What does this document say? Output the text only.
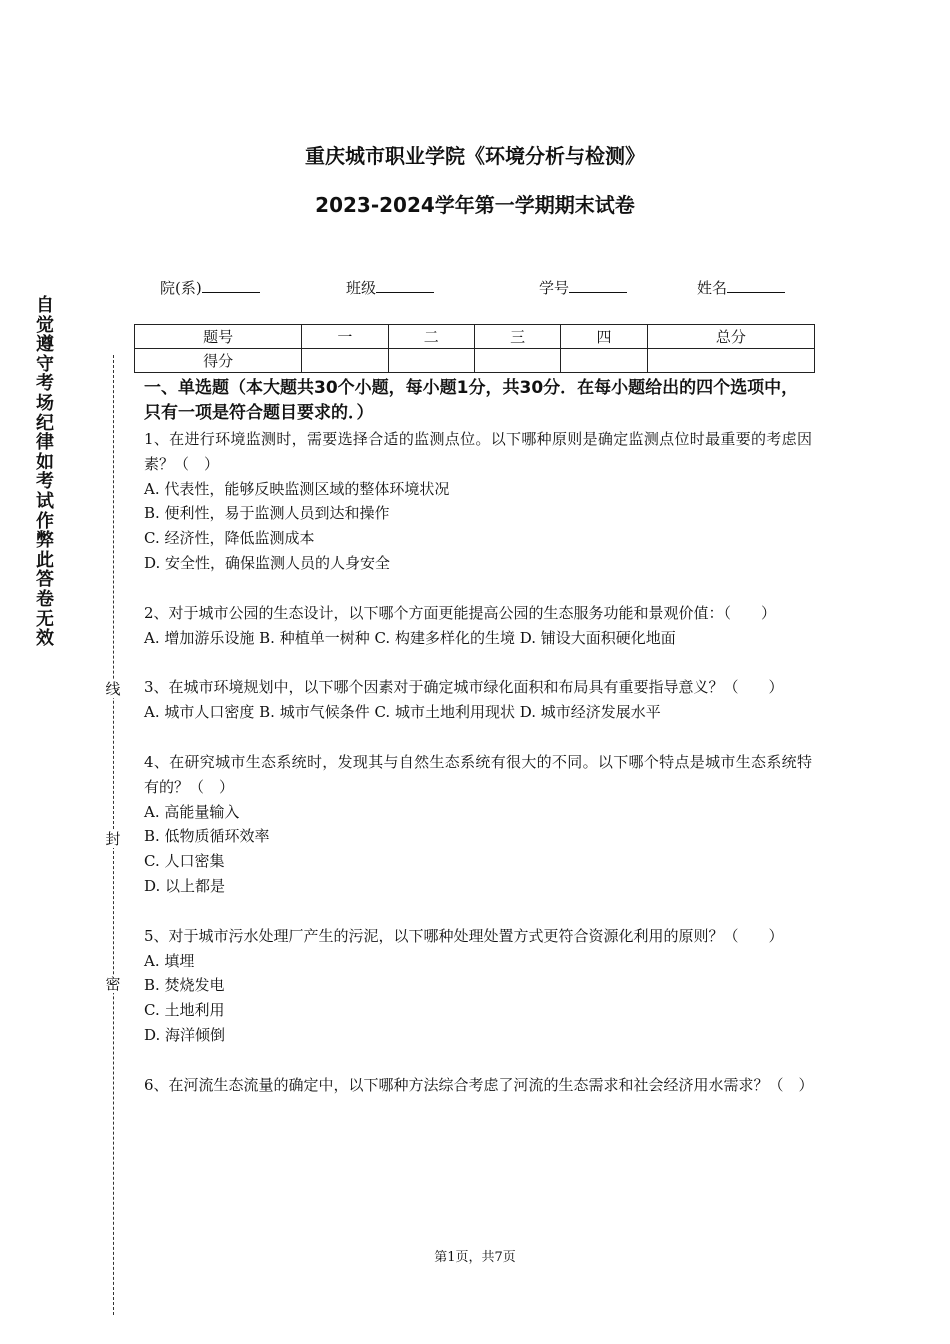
自觉遵守考场纪律如考试作弊此答卷无效
线
封
密
重庆城市职业学院《环境分析与检测》
2023-2024学年第一学期期末试卷
院(系)	班级	学号	姓名
题号	一	二	三	四	总分
得分					
一、单选题（本大题共30个小题，每小题1分，共30分．在每小题给出的四个选项中，只有一项是符合题目要求的．）
1、在进行环境监测时，需要选择合适的监测点位。以下哪种原则是确定监测点位时最重要的考虑因素？（　）
A. 代表性，能够反映监测区域的整体环境状况
B. 便利性，易于监测人员到达和操作
C. 经济性，降低监测成本
D. 安全性，确保监测人员的人身安全
2、对于城市公园的生态设计，以下哪个方面更能提高公园的生态服务功能和景观价值：（　　）
A. 增加游乐设施 B. 种植单一树种 C. 构建多样化的生境 D. 铺设大面积硬化地面
3、在城市环境规划中，以下哪个因素对于确定城市绿化面积和布局具有重要指导意义？（　　）
A. 城市人口密度 B. 城市气候条件 C. 城市土地利用现状 D. 城市经济发展水平
4、在研究城市生态系统时，发现其与自然生态系统有很大的不同。以下哪个特点是城市生态系统特有的？（　）
A. 高能量输入
B. 低物质循环效率
C. 人口密集
D. 以上都是
5、对于城市污水处理厂产生的污泥，以下哪种处理处置方式更符合资源化利用的原则？（　　）
A. 填埋
B. 焚烧发电
C. 土地利用
D. 海洋倾倒
6、在河流生态流量的确定中，以下哪种方法综合考虑了河流的生态需求和社会经济用水需求？（　）
第1页，共7页
